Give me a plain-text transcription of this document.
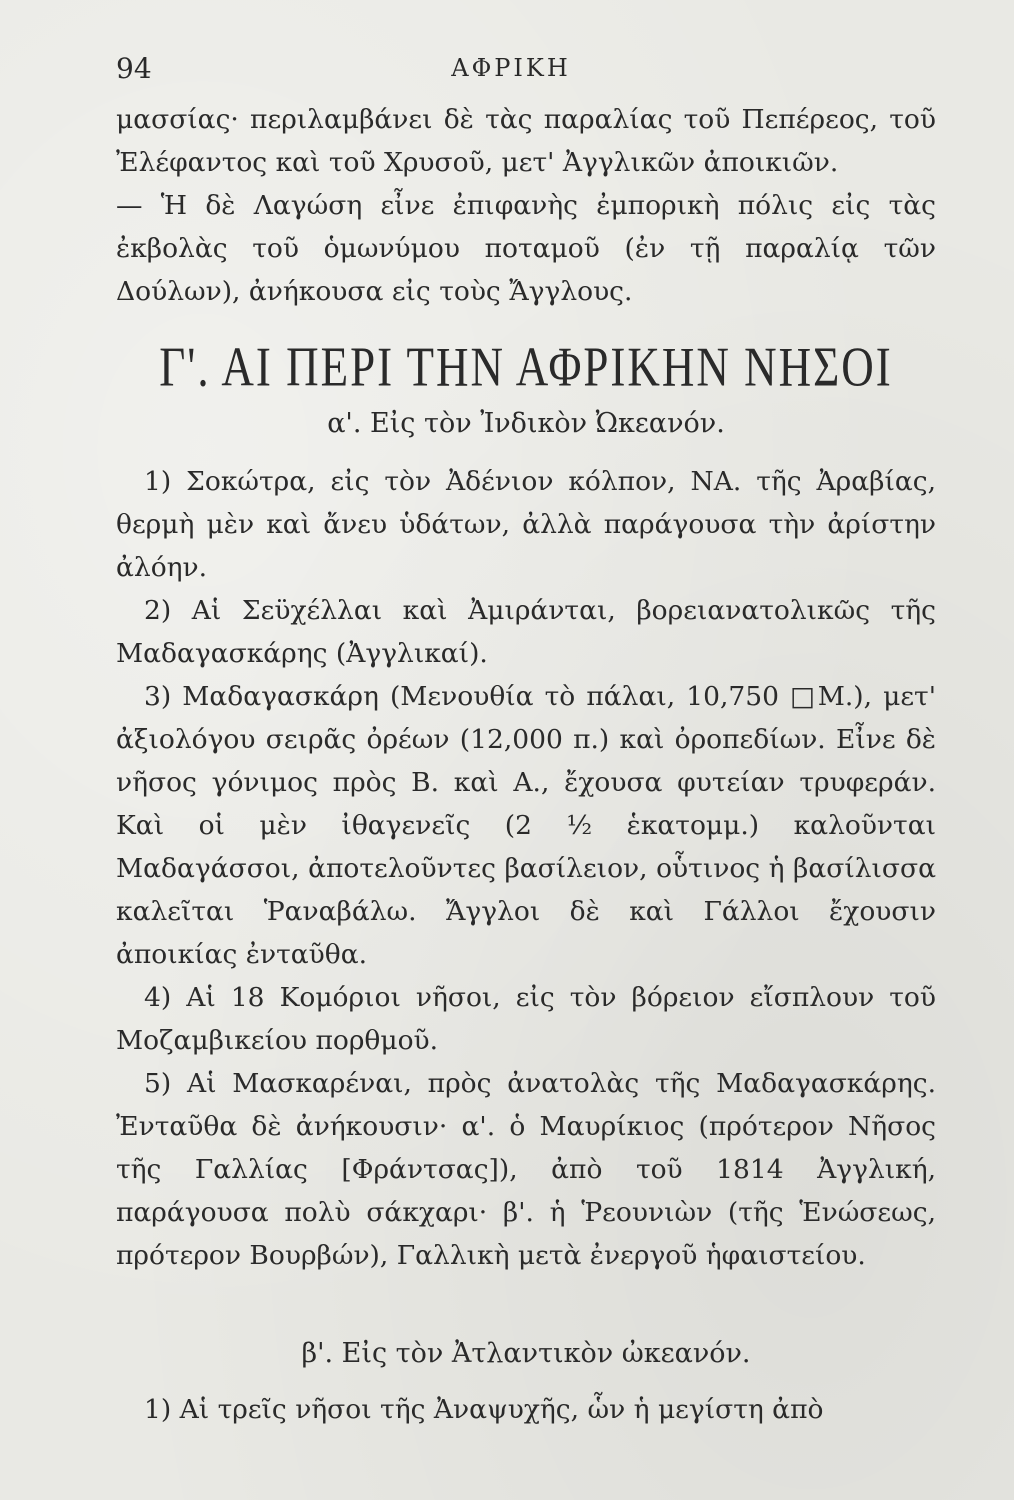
94	ΑΦΡΙΚΗ

μασσίας· περιλαμβάνει δὲ τὰς παραλίας τοῦ Πεπέρεος, τοῦ Ἐλέφαντος καὶ τοῦ Χρυσοῦ, μετ' Ἀγγλικῶν ἀποικιῶν.

— Ἡ δὲ Λαγώση εἶνε ἐπιφανὴς ἐμπορικὴ πόλις εἰς τὰς ἐκβολὰς τοῦ ὁμωνύμου ποταμοῦ (ἐν τῇ παραλίᾳ τῶν Δούλων), ἀνήκουσα εἰς τοὺς Ἄγγλους.

Γ'. ΑΙ ΠΕΡΙ ΤΗΝ ΑΦΡΙΚΗΝ ΝΗΣΟΙ
α'. Εἰς τὸν Ἰνδικὸν Ὠκεανόν.

1) Σοκώτρα, εἰς τὸν Ἀδένιον κόλπον, ΝΑ. τῆς Ἀραβίας, θερμὴ μὲν καὶ ἄνευ ὑδάτων, ἀλλὰ παράγουσα τὴν ἀρίστην ἀλόην.

2) Αἱ Σεϋχέλλαι καὶ Ἀμιράνται, βορειανατολικῶς τῆς Μαδαγασκάρης (Ἀγγλικαί).

3) Μαδαγασκάρη (Μενουθία τὸ πάλαι, 10,750 □Μ.), μετ' ἀξιολόγου σειρᾶς ὀρέων (12,000 π.) καὶ ὀροπεδίων. Εἶνε δὲ νῆσος γόνιμος πρὸς Β. καὶ Α., ἔχουσα φυτείαν τρυφεράν. Καὶ οἱ μὲν ἰθαγενεῖς (2 ½ ἑκατομμ.) καλοῦνται Μαδαγάσσοι, ἀποτελοῦντες βασίλειον, οὗτινος ἡ βασίλισσα καλεῖται Ῥαναβάλω. Ἄγγλοι δὲ καὶ Γάλλοι ἔχουσιν ἀποικίας ἐνταῦθα.

4) Αἱ 18 Κομόριοι νῆσοι, εἰς τὸν βόρειον εἴσπλουν τοῦ Μοζαμβικείου πορθμοῦ.

5) Αἱ Μασκαρέναι, πρὸς ἀνατολὰς τῆς Μαδαγασκάρης. Ἐνταῦθα δὲ ἀνήκουσιν· α'. ὁ Μαυρίκιος (πρότερον Νῆσος τῆς Γαλλίας [Φράντσας]), ἀπὸ τοῦ 1814 Ἀγγλική, παράγουσα πολὺ σάκχαρι· β'. ἡ Ῥεουνιὼν (τῆς Ἑνώσεως, πρότερον Βουρβών), Γαλλικὴ μετὰ ἐνεργοῦ ἡφαιστείου.

β'. Εἰς τὸν Ἀτλαντικὸν ὠκεανόν.

1) Αἱ τρεῖς νῆσοι τῆς Ἀναψυχῆς, ὧν ἡ μεγίστη ἀπὸ
